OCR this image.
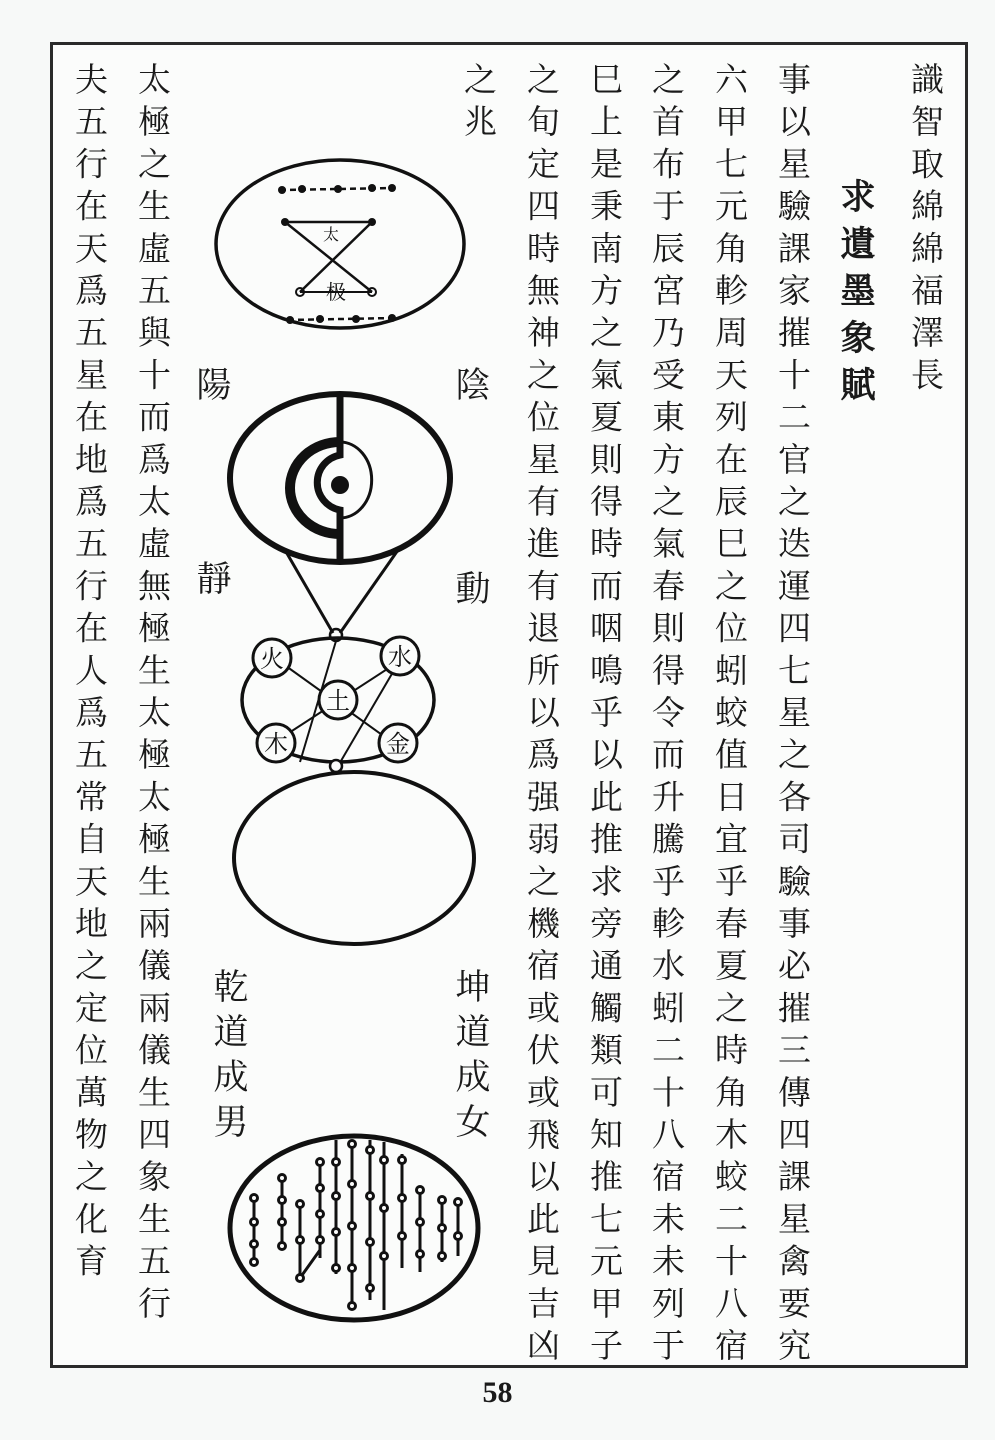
識智取綿綿福澤長
求遺墨象賦
事以星驗課家摧十二官之迭運四七星之各司驗事必摧三傳四課星禽要究
六甲七元角軫周天列在辰巳之位蚓蛟值日宜乎春夏之時角木蛟二十八宿
之首布于辰宮乃受東方之氣春則得令而升騰乎軫水蚓二十八宿未未列于
巳上是秉南方之氣夏則得時而咽鳴乎以此推求旁通觸類可知推七元甲子
之旬定四時無神之位星有進有退所以爲强弱之機宿或伏或飛以此見吉凶
之兆
太極之生虛五與十而爲太虛無極生太極太極生兩儀兩儀生四象生五行
夫五行在天爲五星在地爲五行在人爲五常自天地之定位萬物之化育	陰
陽
動
靜
坤道成女
乾道成男
太
极
火	水
土
木	金
58
